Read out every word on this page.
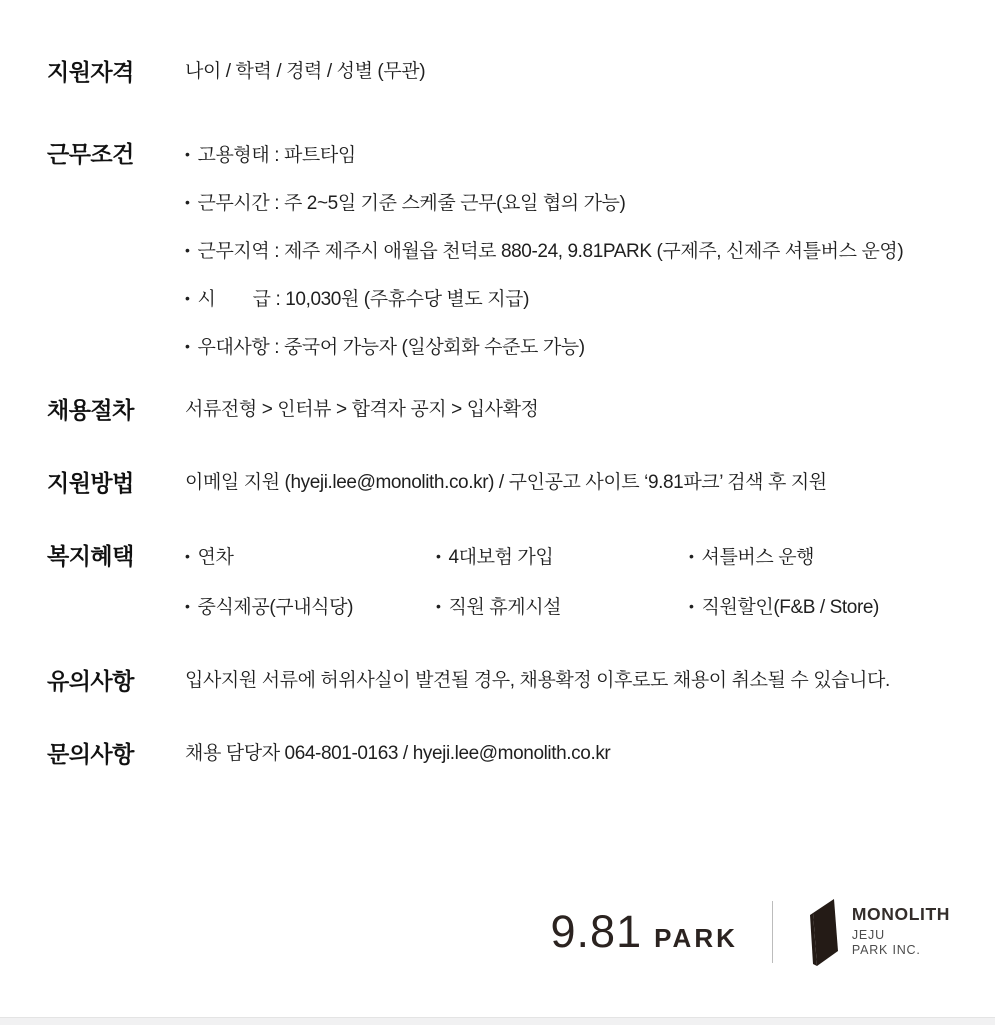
지원자격	나이 / 학력 / 경력 / 성별 (무관)
근무조건	• 고용형태 : 파트타임
• 근무시간 : 주 2~5일 기준 스케줄 근무(요일 협의 가능)
• 근무지역 : 제주 제주시 애월읍 천덕로 880-24, 9.81PARK (구제주, 신제주 셔틀버스 운영)
• 시　　급 : 10,030원 (주휴수당 별도 지급)
• 우대사항 : 중국어 가능자 (일상회화 수준도 가능)
채용절차	서류전형 > 인터뷰 > 합격자 공지 > 입사확정
지원방법	이메일 지원 (hyeji.lee@monolith.co.kr) / 구인공고 사이트 ‘9.81파크’ 검색 후 지원
복지혜택	• 연차	• 4대보험 가입	• 셔틀버스 운행
• 중식제공(구내식당)	• 직원 휴게시설	• 직원할인(F&B / Store)
유의사항	입사지원 서류에 허위사실이 발견될 경우, 채용확정 이후로도 채용이 취소될 수 있습니다.
문의사항	채용 담당자 064-801-0163 / hyeji.lee@monolith.co.kr
9.81 PARK
MONOLITH
JEJU
PARK INC.
